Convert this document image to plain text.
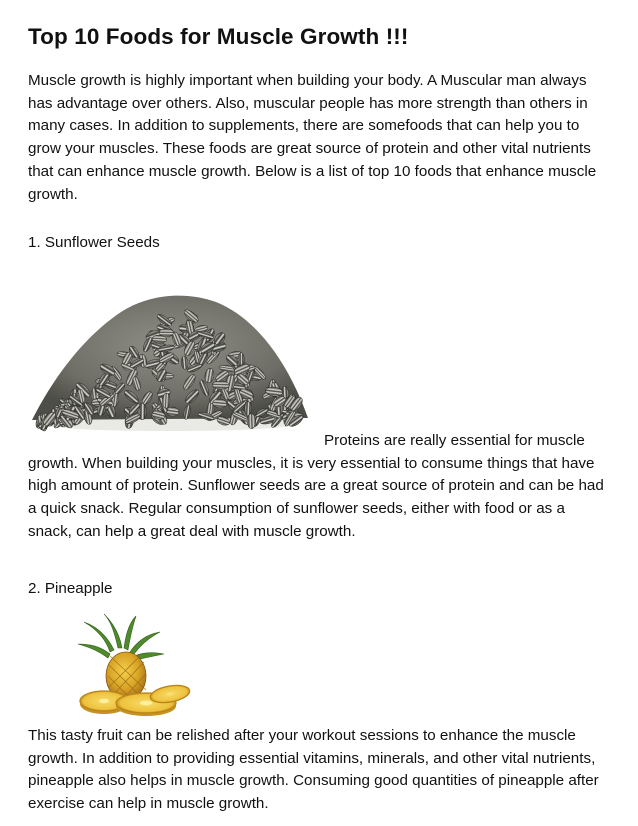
Top 10 Foods for Muscle Growth !!!

Muscle growth is highly important when building your body. A Muscular man always has advantage over others. Also, muscular people has more strength than others in many cases. In addition to supplements, there are somefoods that can help you to grow your muscles. These foods are great source of protein and other vital nutrients that can enhance muscle growth. Below is a list of top 10 foods that enhance muscle growth.

1. Sunflower Seeds

Proteins are really essential for muscle growth. When building your muscles, it is very essential to consume things that have high amount of protein. Sunflower seeds are a great source of protein and can be had a quick snack. Regular consumption of sunflower seeds, either with food or as a snack, can help a great deal with muscle growth.

2. Pineapple

This tasty fruit can be relished after your workout sessions to enhance the muscle growth. In addition to providing essential vitamins, minerals, and other vital nutrients, pineapple also helps in muscle growth. Consuming good quantities of pineapple after exercise can help in muscle growth.
